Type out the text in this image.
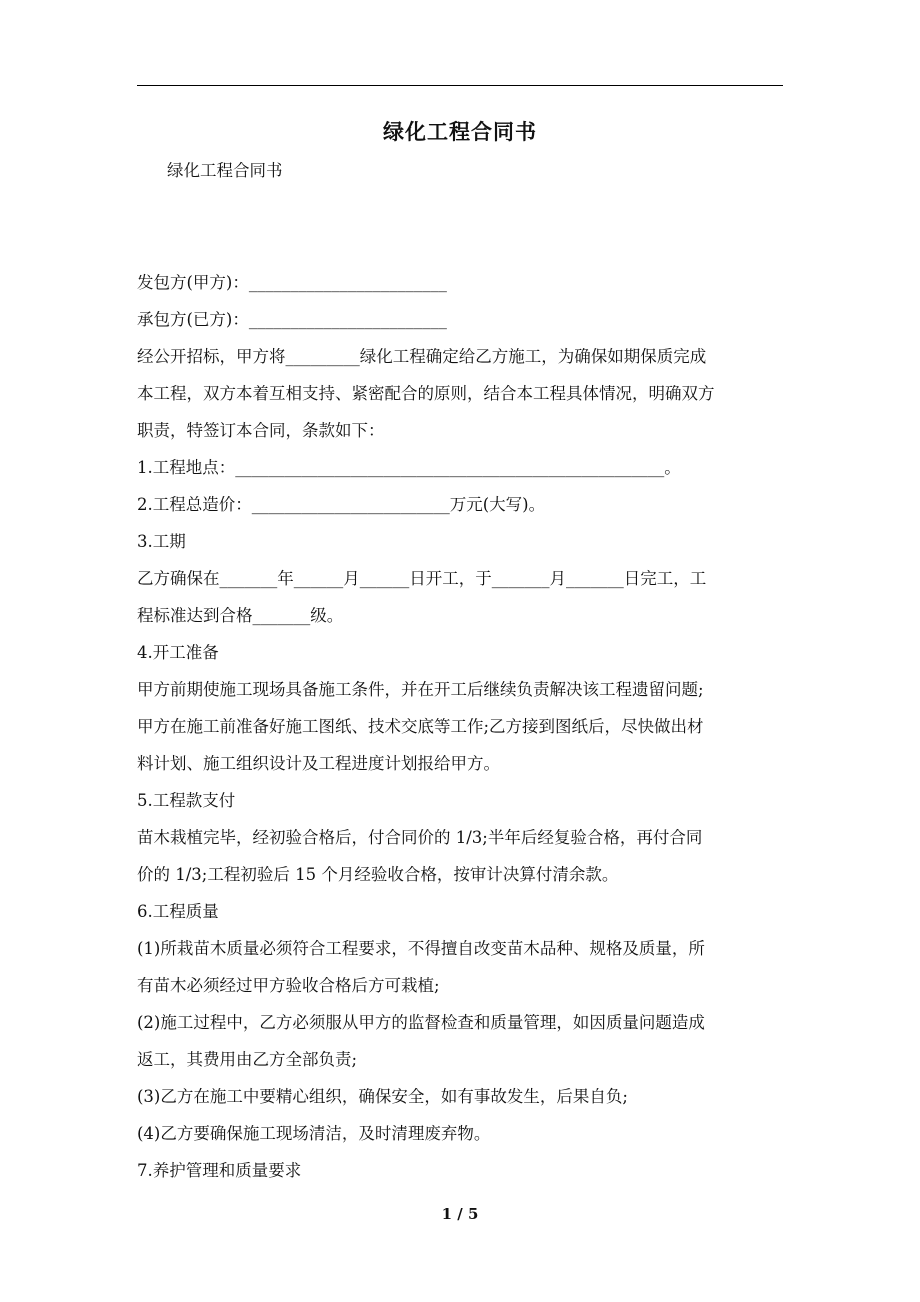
绿化工程合同书
绿化工程合同书
发包方(甲方)：________________________
承包方(已方)：________________________
经公开招标，甲方将_________绿化工程确定给乙方施工，为确保如期保质完成
本工程，双方本着互相支持、紧密配合的原则，结合本工程具体情况，明确双方
职责，特签订本合同，条款如下：
1.工程地点：____________________________________________________。
2.工程总造价：________________________万元(大写)。
3.工期
乙方确保在_______年______月______日开工，于_______月_______日完工，工
程标准达到合格_______级。
4.开工准备
甲方前期使施工现场具备施工条件，并在开工后继续负责解决该工程遗留问题;
甲方在施工前准备好施工图纸、技术交底等工作;乙方接到图纸后，尽快做出材
料计划、施工组织设计及工程进度计划报给甲方。
5.工程款支付
苗木栽植完毕，经初验合格后，付合同价的 1/3;半年后经复验合格，再付合同
价的 1/3;工程初验后 15 个月经验收合格，按审计决算付清余款。
6.工程质量
(1)所栽苗木质量必须符合工程要求，不得擅自改变苗木品种、规格及质量，所
有苗木必须经过甲方验收合格后方可栽植;
(2)施工过程中，乙方必须服从甲方的监督检查和质量管理，如因质量问题造成
返工，其费用由乙方全部负责;
(3)乙方在施工中要精心组织，确保安全，如有事故发生，后果自负;
(4)乙方要确保施工现场清洁，及时清理废弃物。
7.养护管理和质量要求
1 / 5
